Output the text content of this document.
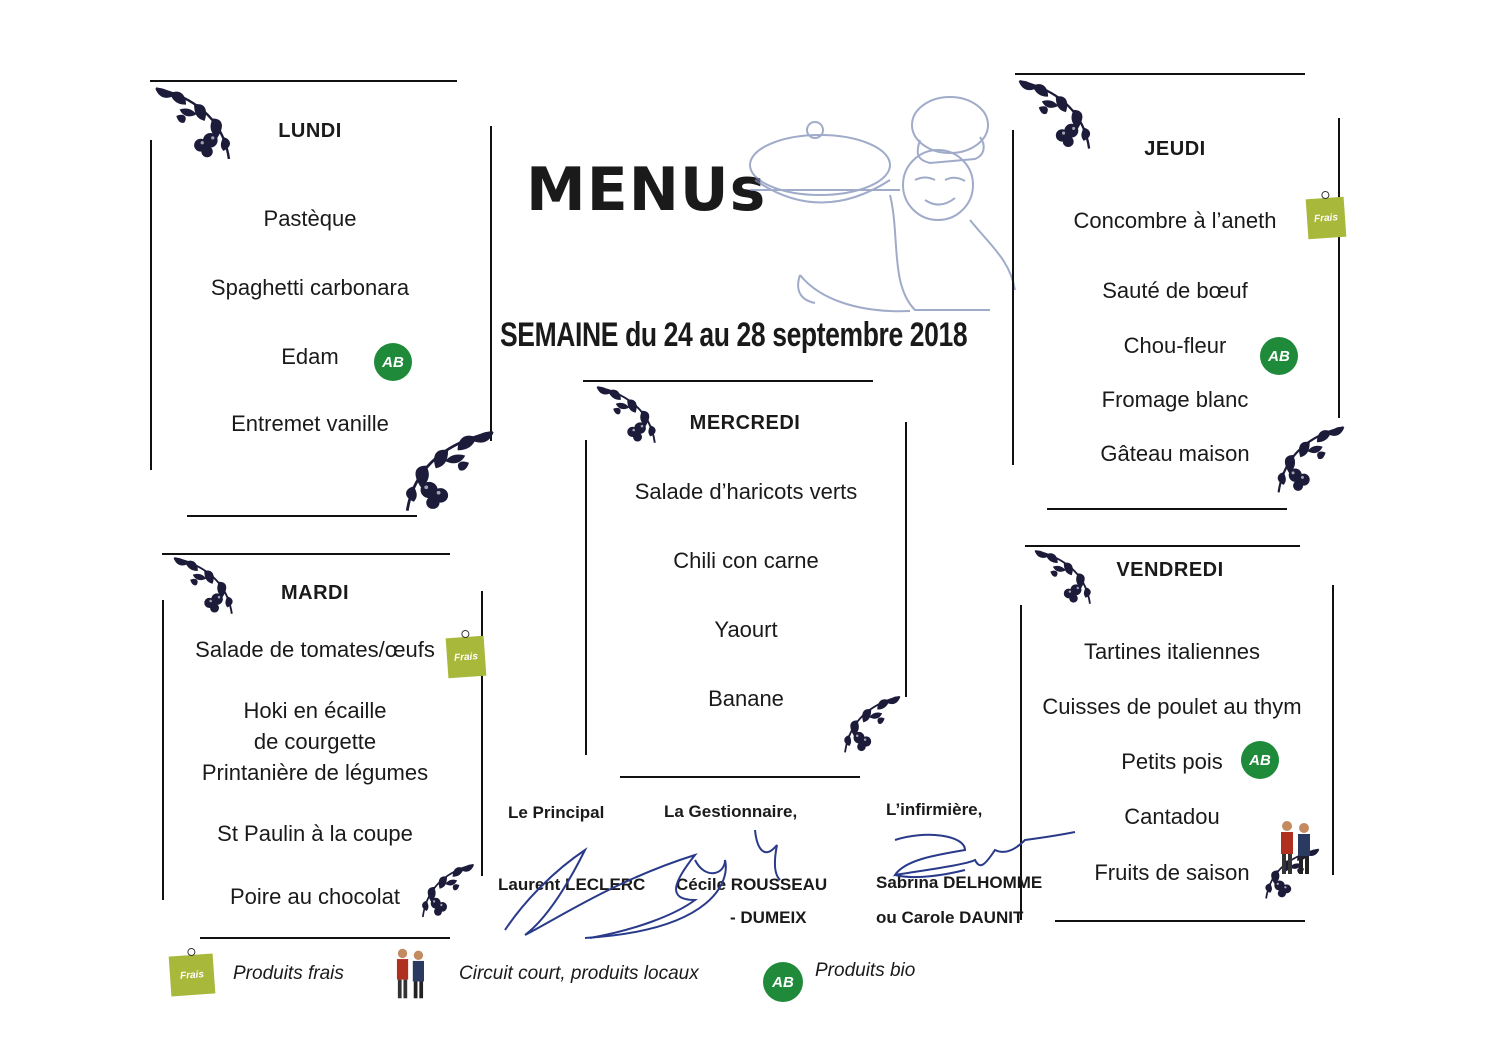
MENUs
SEMAINE du 24 au 28 septembre 2018
LUNDI
Pastèque
Spaghetti carbonara
Edam	AB
Entremet vanille
MARDI
Salade de tomates/œufs	Frais
Hoki en écaille
de courgette
Printanière de légumes
St Paulin à la coupe
Poire au chocolat
MERCREDI
Salade d’haricots verts
Chili con carne
Yaourt
Banane
JEUDI
Concombre à l’aneth	Frais
Sauté de bœuf
Chou-fleur	AB
Fromage blanc
Gâteau maison
VENDREDI
Tartines italiennes
Cuisses de poulet au thym
Petits pois	AB
Cantadou
Fruits de saison
Le Principal	La Gestionnaire,	L’infirmière,
Laurent LECLERC Cécile ROUSSEAU
- DUMEIX
Sabrina DELHOMME
ou Carole DAUNIT
Frais	Produits frais	Circuit court, produits locaux	AB
Produits bio
